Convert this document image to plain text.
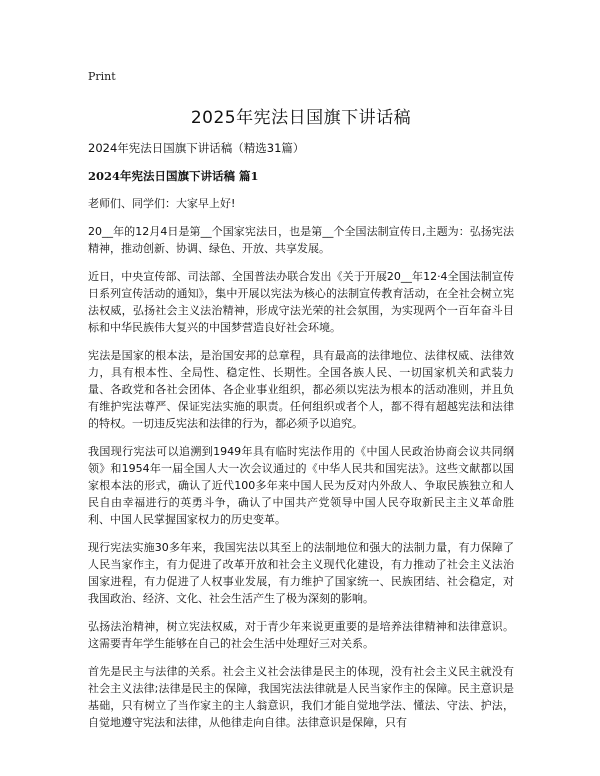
Print
2025年宪法日国旗下讲话稿

2024年宪法日国旗下讲话稿（精选31篇）

2024年宪法日国旗下讲话稿 篇1

老师们、同学们：大家早上好!

20__年的12月4日是第__个国家宪法日，也是第__个全国法制宣传日,主题为：弘扬宪法精神，推动创新、协调、绿色、开放、共享发展。

近日，中央宣传部、司法部、全国普法办联合发出《关于开展20__年12·4全国法制宣传日系列宣传活动的通知》，集中开展以宪法为核心的法制宣传教育活动，在全社会树立宪法权威，弘扬社会主义法治精神，形成守法光荣的社会氛围，为实现两个一百年奋斗目标和中华民族伟大复兴的中国梦营造良好社会环境。

宪法是国家的根本法，是治国安邦的总章程，具有最高的法律地位、法律权威、法律效力，具有根本性、全局性、稳定性、长期性。全国各族人民、一切国家机关和武装力量、各政党和各社会团体、各企业事业组织，都必须以宪法为根本的活动准则，并且负有维护宪法尊严、保证宪法实施的职责。任何组织或者个人，都不得有超越宪法和法律的特权。一切违反宪法和法律的行为，都必须予以追究。

我国现行宪法可以追溯到1949年具有临时宪法作用的《中国人民政治协商会议共同纲领》和1954年一届全国人大一次会议通过的《中华人民共和国宪法》。这些文献都以国家根本法的形式，确认了近代100多年来中国人民为反对内外敌人、争取民族独立和人民自由幸福进行的英勇斗争，确认了中国共产党领导中国人民夺取新民主主义革命胜利、中国人民掌握国家权力的历史变革。

现行宪法实施30多年来，我国宪法以其至上的法制地位和强大的法制力量，有力保障了人民当家作主，有力促进了改革开放和社会主义现代化建设，有力推动了社会主义法治国家进程，有力促进了人权事业发展，有力维护了国家统一、民族团结、社会稳定，对我国政治、经济、文化、社会生活产生了极为深刻的影响。

弘扬法治精神，树立宪法权威，对于青少年来说更重要的是培养法律精神和法律意识。这需要青年学生能够在自己的社会生活中处理好三对关系。

首先是民主与法律的关系。社会主义社会法律是民主的体现，没有社会主义民主就没有社会主义法律;法律是民主的保障，我国宪法法律就是人民当家作主的保障。民主意识是基础，只有树立了当作家主的主人翁意识，我们才能自觉地学法、懂法、守法、护法，自觉地遵守宪法和法律，从他律走向自律。法律意识是保障，只有
